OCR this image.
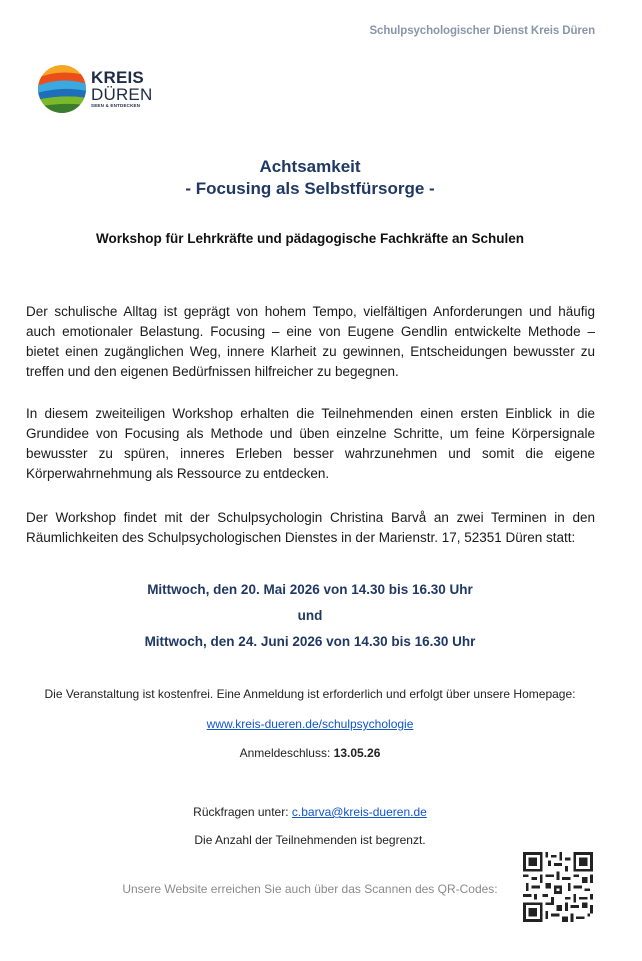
Schulpsychologischer Dienst Kreis Düren
KREIS
DÜREN
SEEN & ENTDECKEN
Achtsamkeit
- Focusing als Selbstfürsorge -
Workshop für Lehrkräfte und pädagogische Fachkräfte an Schulen

Der schulische Alltag ist geprägt von hohem Tempo, vielfältigen Anforderungen und häufig auch emotionaler Belastung. Focusing – eine von Eugene Gendlin entwickelte Methode – bietet einen zugänglichen Weg, innere Klarheit zu gewinnen, Entscheidungen bewusster zu treffen und den eigenen Bedürfnissen hilfreicher zu begegnen.

In diesem zweiteiligen Workshop erhalten die Teilnehmenden einen ersten Einblick in die Grundidee von Focusing als Methode und üben einzelne Schritte, um feine Körpersignale bewusster zu spüren, inneres Erleben besser wahrzunehmen und somit die eigene Körperwahrnehmung als Ressource zu entdecken.

Der Workshop findet mit der Schulpsychologin Christina Barvå an zwei Terminen in den Räumlichkeiten des Schulpsychologischen Dienstes in der Marienstr. 17, 52351 Düren statt:

Mittwoch, den 20. Mai 2026 von 14.30 bis 16.30 Uhr
und
Mittwoch, den 24. Juni 2026 von 14.30 bis 16.30 Uhr
Die Veranstaltung ist kostenfrei. Eine Anmeldung ist erforderlich und erfolgt über unsere Homepage:
www.kreis-dueren.de/schulpsychologie
Anmeldeschluss: 13.05.26
Rückfragen unter: c.barva@kreis-dueren.de
Die Anzahl der Teilnehmenden ist begrenzt.
Unsere Website erreichen Sie auch über das Scannen des QR-Codes:
